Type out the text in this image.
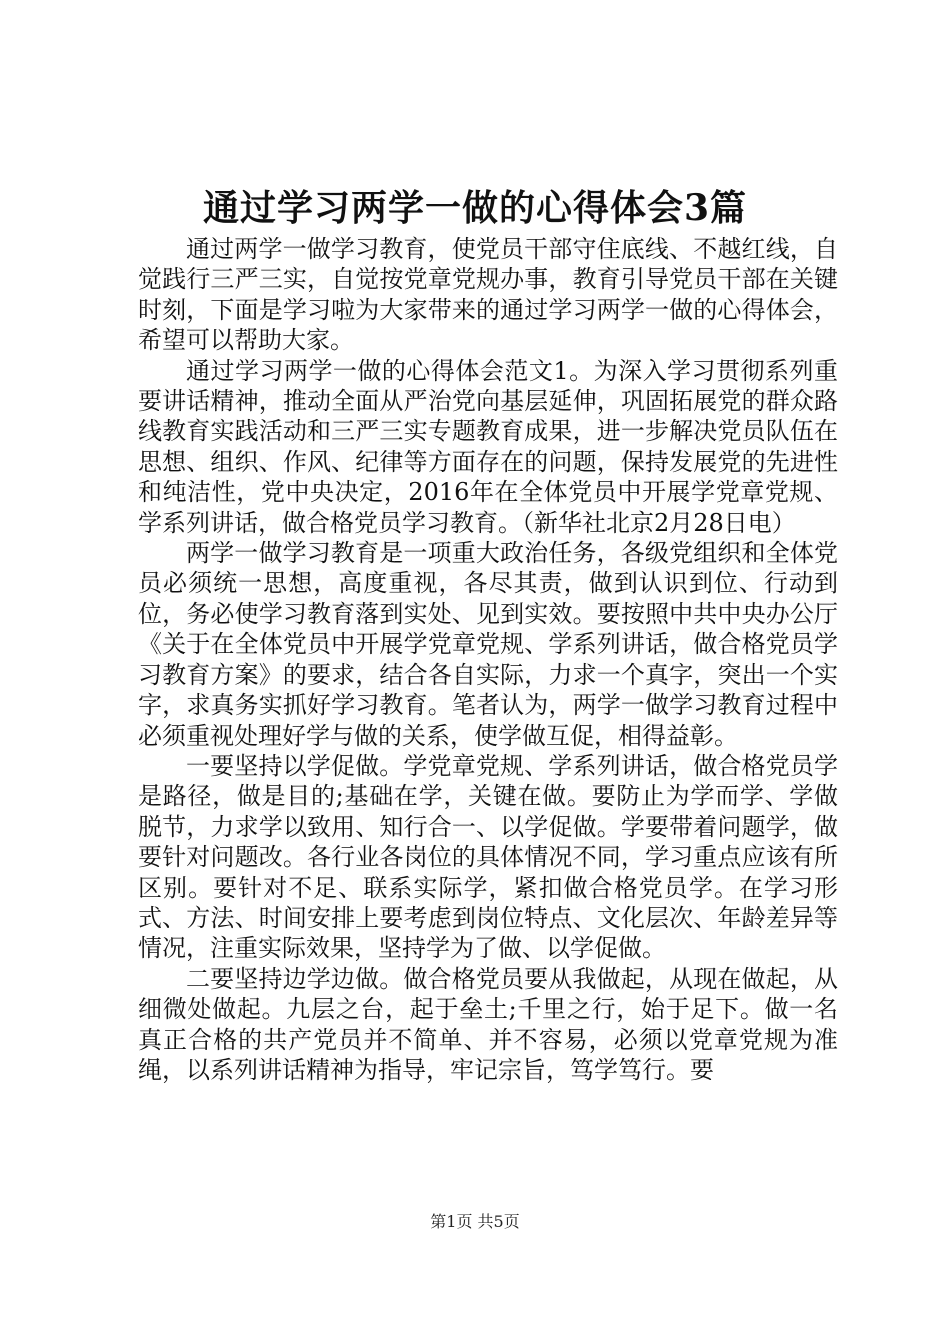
通过学习两学一做的心得体会3篇

通过两学一做学习教育，使党员干部守住底线、不越红线，自觉践行三严三实，自觉按党章党规办事，教育引导党员干部在关键时刻，下面是学习啦为大家带来的通过学习两学一做的心得体会，希望可以帮助大家。

通过学习两学一做的心得体会范文1。为深入学习贯彻系列重要讲话精神，推动全面从严治党向基层延伸，巩固拓展党的群众路线教育实践活动和三严三实专题教育成果，进一步解决党员队伍在思想、组织、作风、纪律等方面存在的问题，保持发展党的先进性和纯洁性，党中央决定，2016年在全体党员中开展学党章党规、学系列讲话，做合格党员学习教育。（新华社北京2月28日电）

两学一做学习教育是一项重大政治任务，各级党组织和全体党员必须统一思想，高度重视，各尽其责，做到认识到位、行动到位，务必使学习教育落到实处、见到实效。要按照中共中央办公厅《关于在全体党员中开展学党章党规、学系列讲话，做合格党员学习教育方案》的要求，结合各自实际，力求一个真字，突出一个实字，求真务实抓好学习教育。笔者认为，两学一做学习教育过程中必须重视处理好学与做的关系，使学做互促，相得益彰。

一要坚持以学促做。学党章党规、学系列讲话，做合格党员学是路径，做是目的;基础在学，关键在做。要防止为学而学、学做脱节，力求学以致用、知行合一、以学促做。学要带着问题学，做要针对问题改。各行业各岗位的具体情况不同，学习重点应该有所区别。要针对不足、联系实际学，紧扣做合格党员学。在学习形式、方法、时间安排上要考虑到岗位特点、文化层次、年龄差异等情况，注重实际效果，坚持学为了做、以学促做。

二要坚持边学边做。做合格党员要从我做起，从现在做起，从细微处做起。九层之台，起于垒土;千里之行，始于足下。做一名真正合格的共产党员并不简单、并不容易，必须以党章党规为准绳，以系列讲话精神为指导，牢记宗旨，笃学笃行。要

第1页 共5页
